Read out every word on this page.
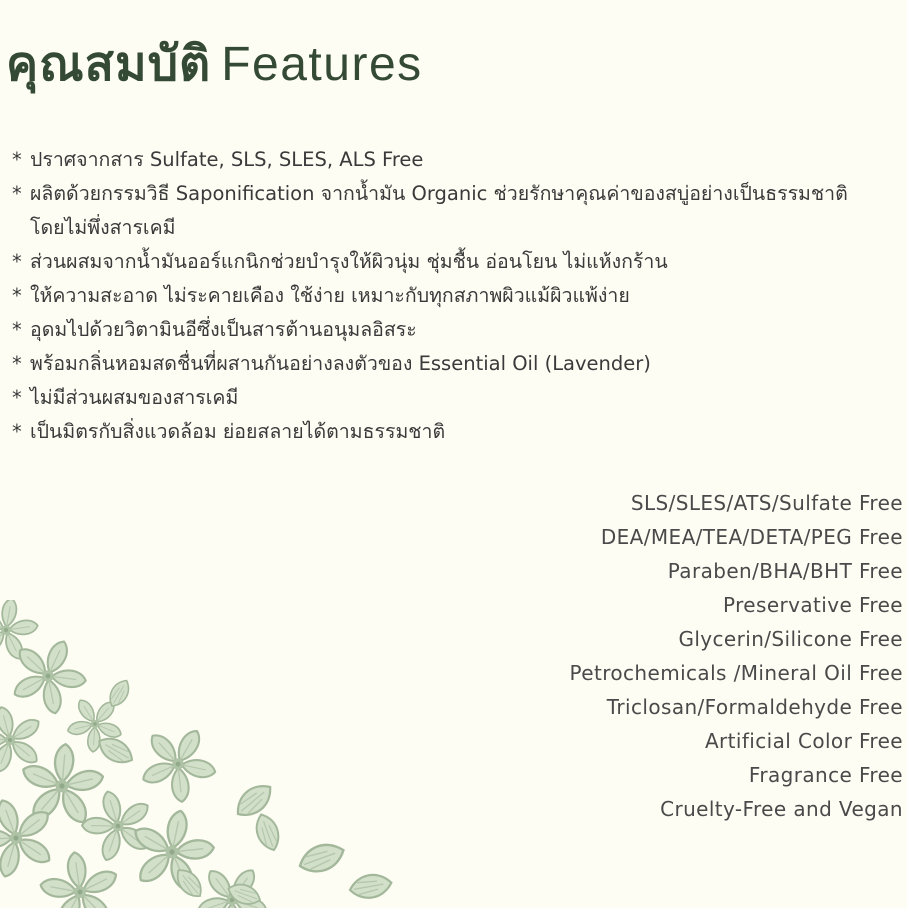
คุณสมบัติ Features
* ปราศจากสาร Sulfate, SLS, SLES, ALS Free
* ผลิตด้วยกรรมวิธี Saponification จากน้ำมัน Organic ช่วยรักษาคุณค่าของสบู่อย่างเป็นธรรมชาติ
โดยไม่พึ่งสารเคมี
* ส่วนผสมจากน้ำมันออร์แกนิกช่วยบำรุงให้ผิวนุ่ม ชุ่มชื้น อ่อนโยน ไม่แห้งกร้าน
* ให้ความสะอาด ไม่ระคายเคือง ใช้ง่าย เหมาะกับทุกสภาพผิวแม้ผิวแพ้ง่าย
* อุดมไปด้วยวิตามินอีซึ่งเป็นสารต้านอนุมลอิสระ
* พร้อมกลิ่นหอมสดชื่นที่ผสานกันอย่างลงตัวของ Essential Oil (Lavender)
* ไม่มีส่วนผสมของสารเคมี
* เป็นมิตรกับสิ่งแวดล้อม ย่อยสลายได้ตามธรรมชาติ
SLS/SLES/ATS/Sulfate Free
DEA/MEA/TEA/DETA/PEG Free
Paraben/BHA/BHT Free
Preservative Free
Glycerin/Silicone Free
Petrochemicals /Mineral Oil Free
Triclosan/Formaldehyde Free
Artificial Color Free
Fragrance Free
Cruelty-Free and Vegan
